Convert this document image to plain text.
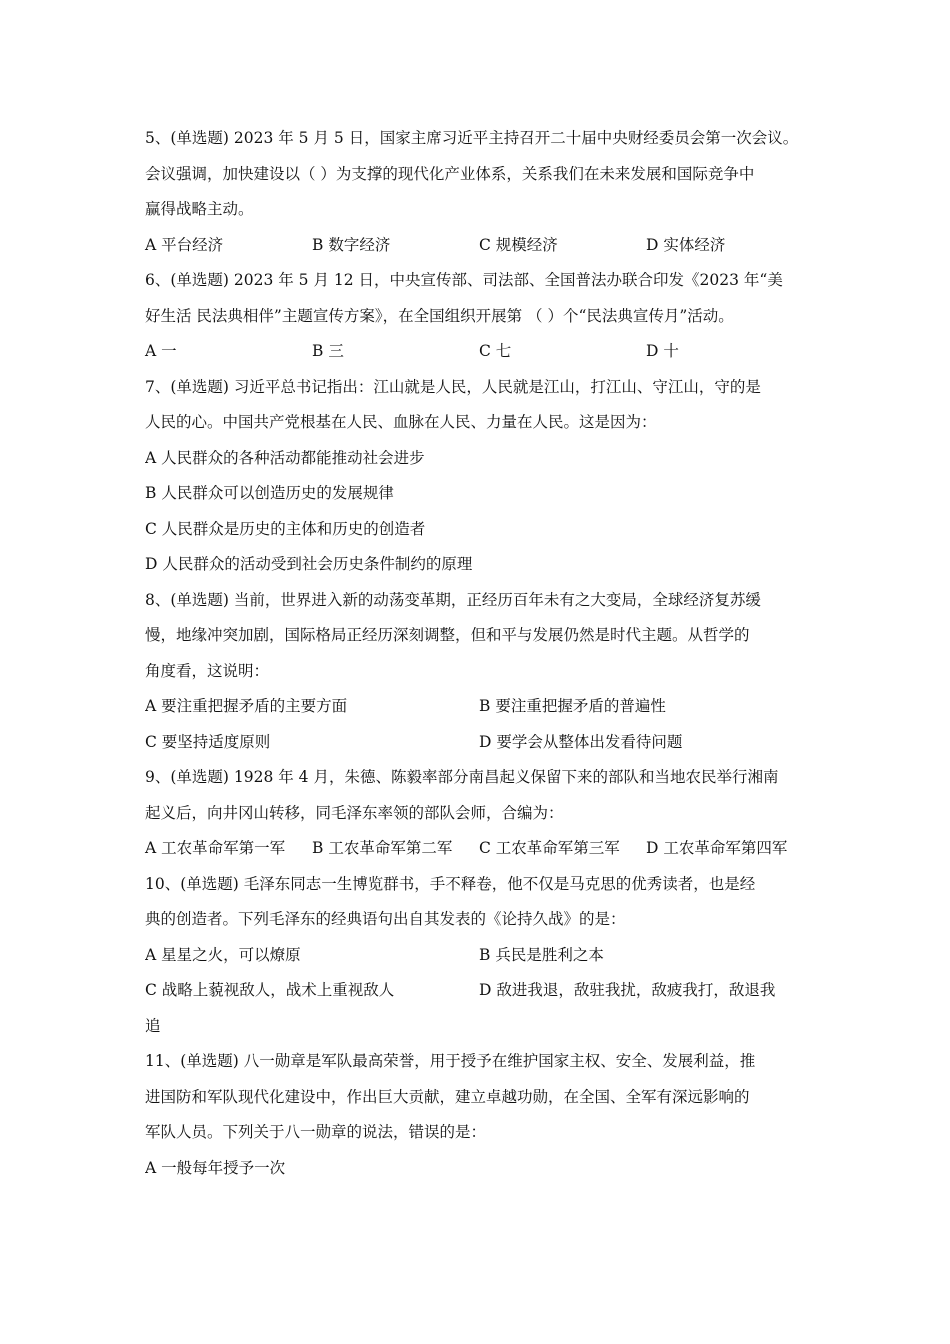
5、(单选题) 2023 年 5 月 5 日，国家主席习近平主持召开二十届中央财经委员会第一次会议。
会议强调，加快建设以（ ）为支撑的现代化产业体系，关系我们在未来发展和国际竞争中
赢得战略主动。
A 平台经济	B 数字经济	C 规模经济	D 实体经济
6、(单选题) 2023 年 5 月 12 日，中央宣传部、司法部、全国普法办联合印发《2023 年“美
好生活 民法典相伴”主题宣传方案》，在全国组织开展第 （ ）个“民法典宣传月”活动。
A 一	B 三	C 七	D 十
7、(单选题) 习近平总书记指出：江山就是人民，人民就是江山，打江山、守江山，守的是
人民的心。中国共产党根基在人民、血脉在人民、力量在人民。这是因为：
A 人民群众的各种活动都能推动社会进步
B 人民群众可以创造历史的发展规律
C 人民群众是历史的主体和历史的创造者
D 人民群众的活动受到社会历史条件制约的原理
8、(单选题) 当前，世界进入新的动荡变革期，正经历百年未有之大变局，全球经济复苏缓
慢，地缘冲突加剧，国际格局正经历深刻调整，但和平与发展仍然是时代主题。从哲学的
角度看，这说明：
A 要注重把握矛盾的主要方面	B 要注重把握矛盾的普遍性
C 要坚持适度原则	D 要学会从整体出发看待问题
9、(单选题) 1928 年 4 月，朱德、陈毅率部分南昌起义保留下来的部队和当地农民举行湘南
起义后，向井冈山转移，同毛泽东率领的部队会师，合编为：
A 工农革命军第一军	B 工农革命军第二军	C 工农革命军第三军	D 工农革命军第四军
10、(单选题) 毛泽东同志一生博览群书，手不释卷，他不仅是马克思的优秀读者，也是经
典的创造者。下列毛泽东的经典语句出自其发表的《论持久战》的是：
A 星星之火，可以燎原	B 兵民是胜利之本
C 战略上藐视敌人，战术上重视敌人	D 敌进我退，敌驻我扰，敌疲我打，敌退我
追
11、(单选题) 八一勋章是军队最高荣誉，用于授予在维护国家主权、安全、发展利益，推
进国防和军队现代化建设中，作出巨大贡献，建立卓越功勋，在全国、全军有深远影响的
军队人员。下列关于八一勋章的说法，错误的是：
A 一般每年授予一次
